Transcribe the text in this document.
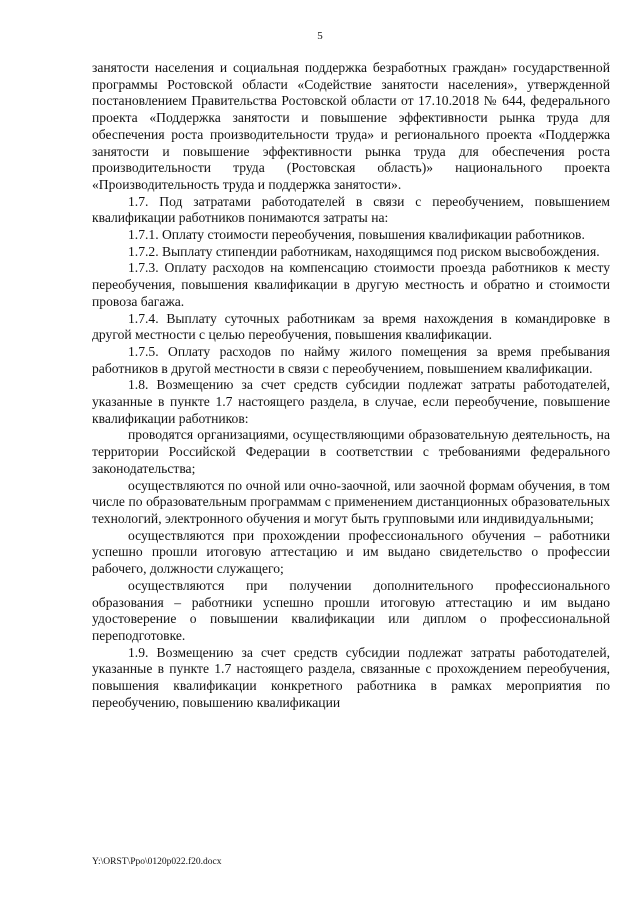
5

занятости населения и социальная поддержка безработных граждан» государственной программы Ростовской области «Содействие занятости населения», утвержденной постановлением Правительства Ростовской области от 17.10.2018 № 644, федерального проекта «Поддержка занятости и повышение эффективности рынка труда для обеспечения роста производительности труда» и регионального проекта «Поддержка занятости и повышение эффективности рынка труда для обеспечения роста производительности труда (Ростовская область)» национального проекта «Производительность труда и поддержка занятости».

1.7. Под затратами работодателей в связи с переобучением, повышением квалификации работников понимаются затраты на:

1.7.1. Оплату стоимости переобучения, повышения квалификации работников.

1.7.2. Выплату стипендии работникам, находящимся под риском высвобождения.

1.7.3. Оплату расходов на компенсацию стоимости проезда работников к месту переобучения, повышения квалификации в другую местность и обратно и стоимости провоза багажа.

1.7.4. Выплату суточных работникам за время нахождения в командировке в другой местности с целью переобучения, повышения квалификации.

1.7.5. Оплату расходов по найму жилого помещения за время пребывания работников в другой местности в связи с переобучением, повышением квалификации.

1.8. Возмещению за счет средств субсидии подлежат затраты работодателей, указанные в пункте 1.7 настоящего раздела, в случае, если переобучение, повышение квалификации работников:

проводятся организациями, осуществляющими образовательную деятельность, на территории Российской Федерации в соответствии с требованиями федерального законодательства;

осуществляются по очной или очно-заочной, или заочной формам обучения, в том числе по образовательным программам с применением дистанционных образовательных технологий, электронного обучения и могут быть групповыми или индивидуальными;

осуществляются при прохождении профессионального обучения – работники успешно прошли итоговую аттестацию и им выдано свидетельство о профессии рабочего, должности служащего;

осуществляются при получении дополнительного профессионального образования – работники успешно прошли итоговую аттестацию и им выдано удостоверение о повышении квалификации или диплом о профессиональной переподготовке.

1.9. Возмещению за счет средств субсидии подлежат затраты работодателей, указанные в пункте 1.7 настоящего раздела, связанные с прохождением переобучения, повышения квалификации конкретного работника в рамках мероприятия по переобучению, повышению квалификации

Y:\ORST\Ppo\0120p022.f20.docx
